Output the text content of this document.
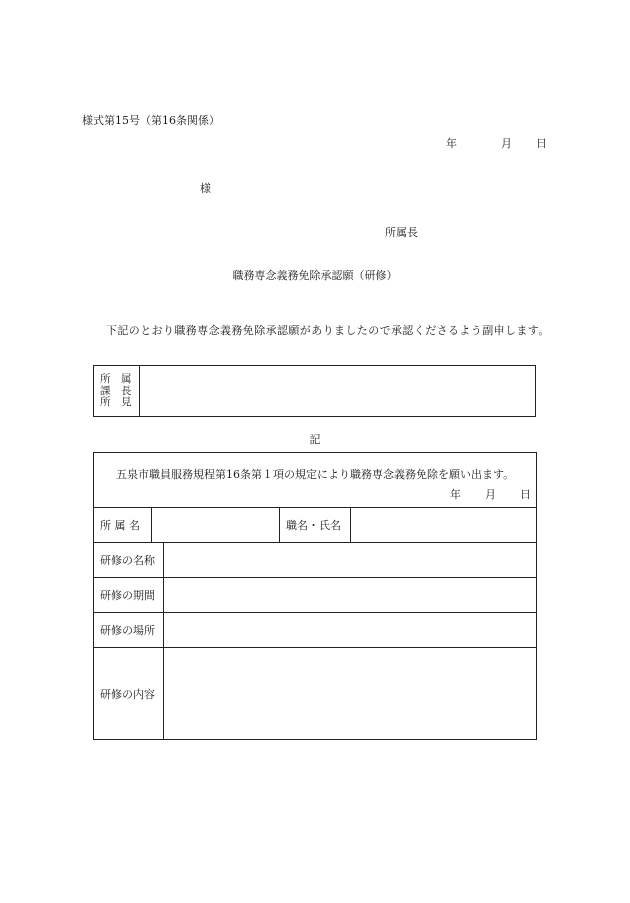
様式第15号（第16条関係）
年	月 日
様
所属長
職務専念義務免除承認願（研修）
下記のとおり職務専念義務免除承認願がありましたので承認くださるよう副申します。
所　属
課　長
所　見
記
五泉市職員服務規程第16条第１項の規定により職務専念義務免除を願い出ます。
年 月 日				

所 属 名			職名・氏名	
研修の名称				
研修の期間				
研修の場所				
研修の内容				
